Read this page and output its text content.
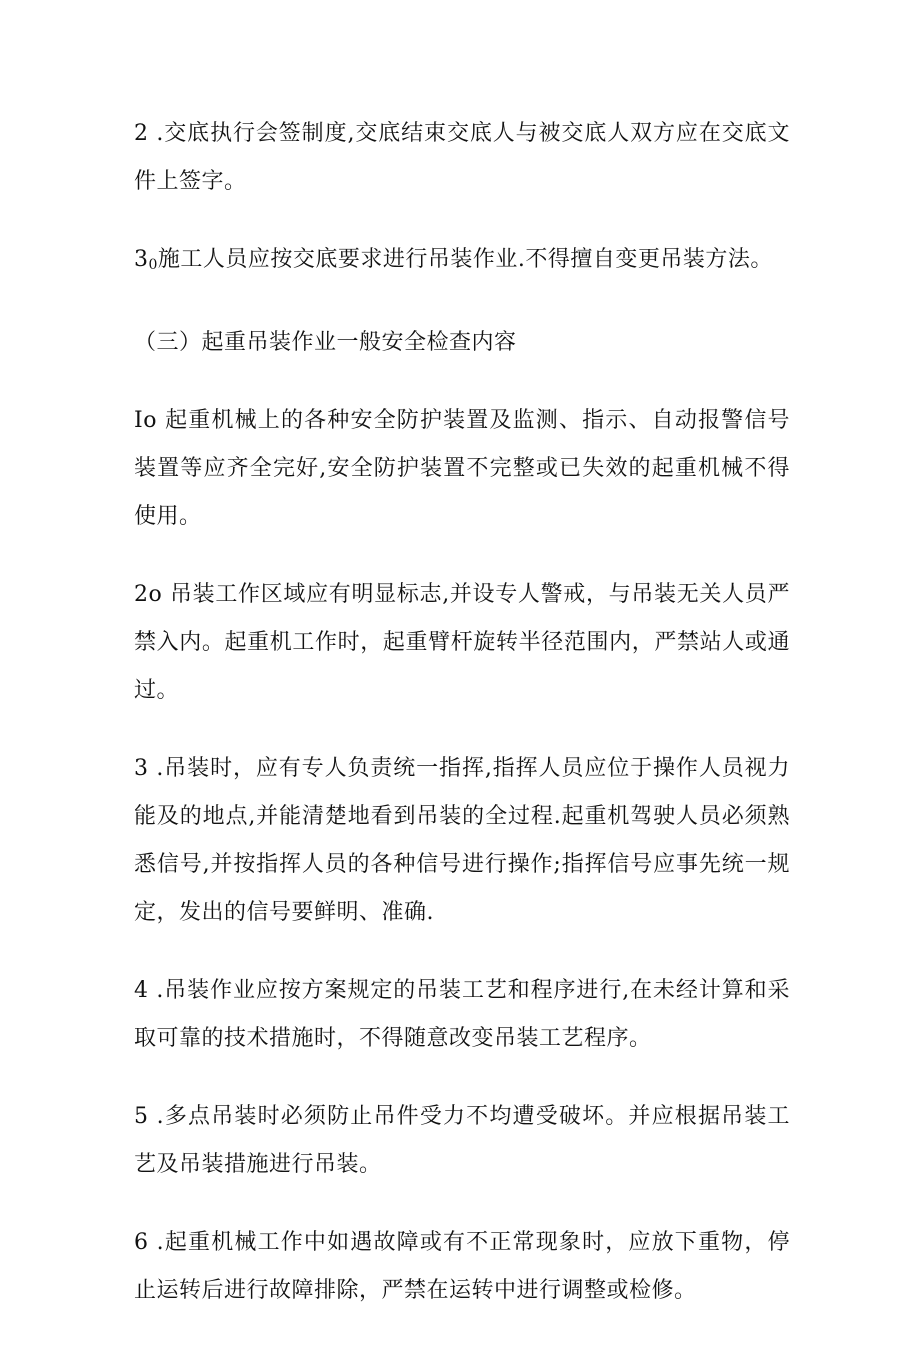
2 .交底执行会签制度,交底结束交底人与被交底人双方应在交底文件上签字。

$3_0$施工人员应按交底要求进行吊装作业.不得擅自变更吊装方法。

（三）起重吊装作业一般安全检查内容

Io 起重机械上的各种安全防护装置及监测、指示、自动报警信号装置等应齐全完好,安全防护装置不完整或已失效的起重机械不得使用。

2o 吊装工作区域应有明显标志,并设专人警戒，与吊装无关人员严禁入内。起重机工作时，起重臂杆旋转半径范围内，严禁站人或通过。

3 .吊装时，应有专人负责统一指挥,指挥人员应位于操作人员视力能及的地点,并能清楚地看到吊装的全过程.起重机驾驶人员必须熟悉信号,并按指挥人员的各种信号进行操作;指挥信号应事先统一规定，发出的信号要鲜明、准确.

4 .吊装作业应按方案规定的吊装工艺和程序进行,在未经计算和采取可靠的技术措施时，不得随意改变吊装工艺程序。

5 .多点吊装时必须防止吊件受力不均遭受破坏。并应根据吊装工艺及吊装措施进行吊装。

6 .起重机械工作中如遇故障或有不正常现象时，应放下重物，停止运转后进行故障排除，严禁在运转中进行调整或检修。
